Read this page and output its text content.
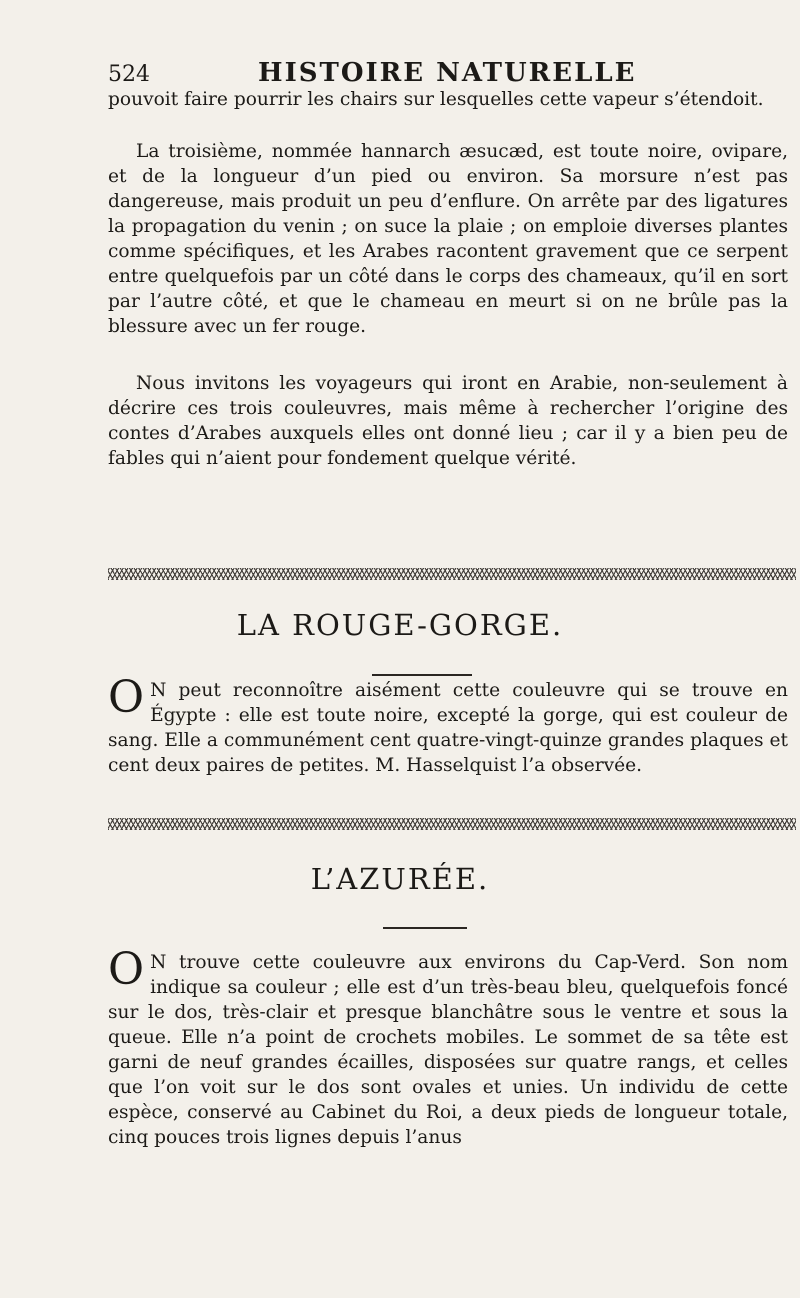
524	HISTOIRE NATURELLE

pouvoit faire pourrir les chairs sur lesquelles cette vapeur s’étendoit.

La troisième, nommée hannarch æsucæd, est toute noire, ovipare, et de la longueur d’un pied ou environ. Sa morsure n’est pas dangereuse, mais produit un peu d’enflure. On arrête par des ligatures la propagation du venin ; on suce la plaie ; on emploie diverses plantes comme spécifiques, et les Arabes racontent gravement que ce serpent entre quelquefois par un côté dans le corps des chameaux, qu’il en sort par l’autre côté, et que le chameau en meurt si on ne brûle pas la blessure avec un fer rouge.

Nous invitons les voyageurs qui iront en Arabie, non-seulement à décrire ces trois couleuvres, mais même à rechercher l’origine des contes d’Arabes auxquels elles ont donné lieu ; car il y a bien peu de fables qui n’aient pour fondement quelque vérité.

LA ROUGE-GORGE.
O N peut reconnoître aisément cette couleuvre qui se trouve en Égypte : elle est toute noire, excepté la gorge, qui est couleur de sang. Elle a communément cent quatre-vingt-quinze grandes plaques et cent deux paires de petites. M. Hasselquist l’a observée.

L’AZURÉE.
O N trouve cette couleuvre aux environs du Cap-Verd. Son nom indique sa couleur ; elle est d’un très-beau bleu, quelquefois foncé sur le dos, très-clair et presque blanchâtre sous le ventre et sous la queue. Elle n’a point de crochets mobiles. Le sommet de sa tête est garni de neuf grandes écailles, disposées sur quatre rangs, et celles que l’on voit sur le dos sont ovales et unies. Un individu de cette espèce, conservé au Cabinet du Roi, a deux pieds de longueur totale, cinq pouces trois lignes depuis l’anus
